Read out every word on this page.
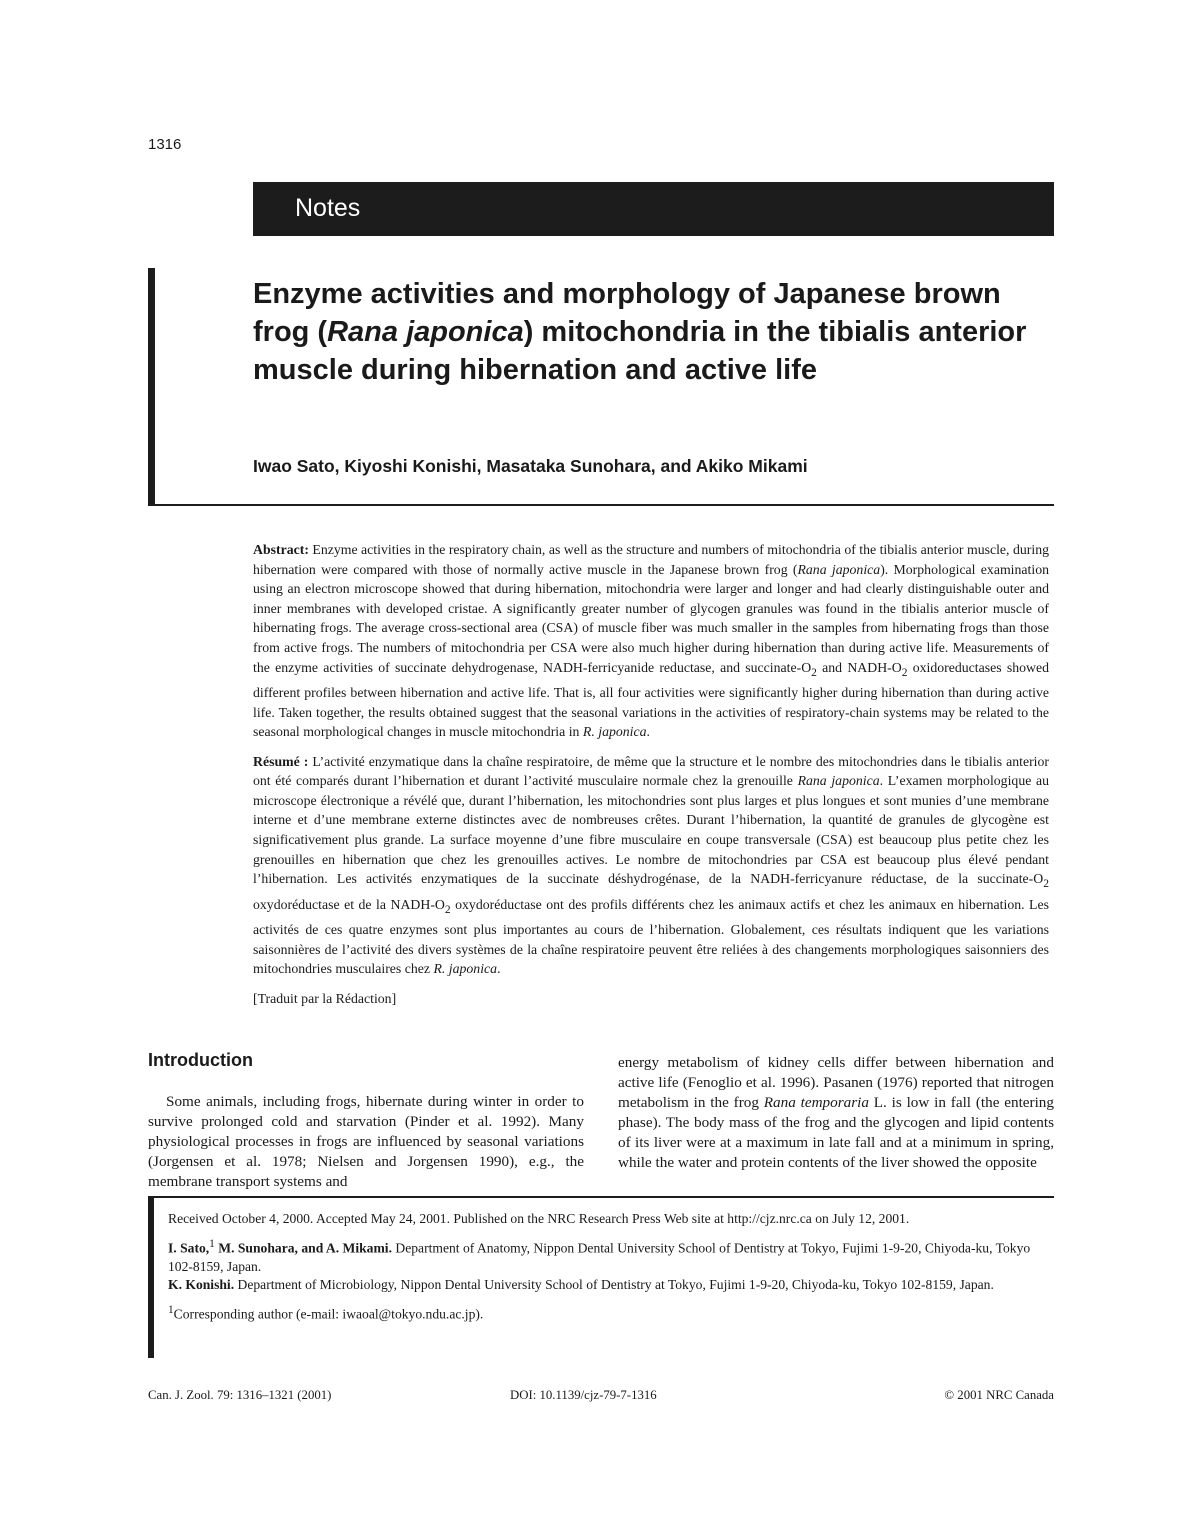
1316
Notes
Enzyme activities and morphology of Japanese brown frog (Rana japonica) mitochondria in the tibialis anterior muscle during hibernation and active life

Iwao Sato, Kiyoshi Konishi, Masataka Sunohara, and Akiko Mikami

Abstract: Enzyme activities in the respiratory chain, as well as the structure and numbers of mitochondria of the tibialis anterior muscle, during hibernation were compared with those of normally active muscle in the Japanese brown frog (Rana japonica). Morphological examination using an electron microscope showed that during hibernation, mitochondria were larger and longer and had clearly distinguishable outer and inner membranes with developed cristae. A significantly greater number of glycogen granules was found in the tibialis anterior muscle of hibernating frogs. The average cross-sectional area (CSA) of muscle fiber was much smaller in the samples from hibernating frogs than those from active frogs. The numbers of mitochondria per CSA were also much higher during hibernation than during active life. Measurements of the enzyme activities of succinate dehydrogenase, NADH-ferricyanide reductase, and succinate-$O_2$ and NADH-$O_2$ oxidoreductases showed different profiles between hibernation and active life. That is, all four activities were significantly higher during hibernation than during active life. Taken together, the results obtained suggest that the seasonal variations in the activities of respiratory-chain systems may be related to the seasonal morphological changes in muscle mitochondria in R. japonica.

Résumé : L’activité enzymatique dans la chaîne respiratoire, de même que la structure et le nombre des mitochondries dans le tibialis anterior ont été comparés durant l’hibernation et durant l’activité musculaire normale chez la grenouille Rana japonica. L’examen morphologique au microscope électronique a révélé que, durant l’hibernation, les mitochondries sont plus larges et plus longues et sont munies d’une membrane interne et d’une membrane externe distinctes avec de nombreuses crêtes. Durant l’hibernation, la quantité de granules de glycogène est significativement plus grande. La surface moyenne d’une fibre musculaire en coupe transversale (CSA) est beaucoup plus petite chez les grenouilles en hibernation que chez les grenouilles actives. Le nombre de mitochondries par CSA est beaucoup plus élevé pendant l’hibernation. Les activités enzymatiques de la succinate déshydrogénase, de la NADH-ferricyanure réductase, de la succinate-$O_2$ oxydoréductase et de la NADH-$O_2$ oxydoréductase ont des profils différents chez les animaux actifs et chez les animaux en hibernation. Les activités de ces quatre enzymes sont plus importantes au cours de l’hibernation. Globalement, ces résultats indiquent que les variations saisonnières de l’activité des divers systèmes de la chaîne respiratoire peuvent être reliées à des changements morphologiques saisonniers des mitochondries musculaires chez R. japonica.

[Traduit par la Rédaction]

Introduction

Some animals, including frogs, hibernate during winter in order to survive prolonged cold and starvation (Pinder et al. 1992). Many physiological processes in frogs are influenced by seasonal variations (Jorgensen et al. 1978; Nielsen and Jorgensen 1990), e.g., the membrane transport systems and

energy metabolism of kidney cells differ between hibernation and active life (Fenoglio et al. 1996). Pasanen (1976) reported that nitrogen metabolism in the frog Rana temporaria L. is low in fall (the entering phase). The body mass of the frog and the glycogen and lipid contents of its liver were at a maximum in late fall and at a minimum in spring, while the water and protein contents of the liver showed the opposite

Received October 4, 2000. Accepted May 24, 2001. Published on the NRC Research Press Web site at http://cjz.nrc.ca on July 12, 2001.

I. Sato,$^1$ M. Sunohara, and A. Mikami. Department of Anatomy, Nippon Dental University School of Dentistry at Tokyo, Fujimi 1-9-20, Chiyoda-ku, Tokyo 102-8159, Japan.

K. Konishi. Department of Microbiology, Nippon Dental University School of Dentistry at Tokyo, Fujimi 1-9-20, Chiyoda-ku, Tokyo 102-8159, Japan.

$^1$Corresponding author (e-mail: iwaoal@tokyo.ndu.ac.jp).

Can. J. Zool. 79: 1316–1321 (2001)	DOI: 10.1139/cjz-79-7-1316	© 2001 NRC Canada
